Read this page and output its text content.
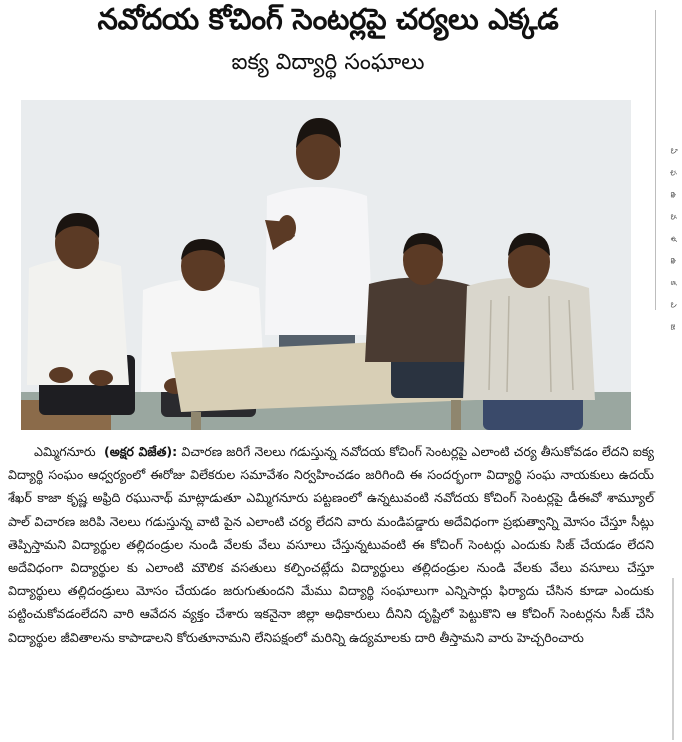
నవోదయ కోచింగ్ సెంటర్లపై చర్యలు ఎక్కడ
ఐక్య విద్యార్థి సంఘాలు
ఏ
ఫ
ఉ
వ
ళ
ఉ
క
ఎ
జ

ఎమ్మిగనూరు (అక్షర విజేత): విచారణ జరిగే నెలలు గడుస్తున్న నవోదయ కోచింగ్ సెంటర్లపై ఎలాంటి చర్య తీసుకోవడం లేదని ఐక్య విద్యార్థి సంఘం ఆధ్వర్యంలో ఈరోజు విలేకరుల సమావేశం నిర్వహించడం జరిగింది ఈ సందర్భంగా విద్యార్థి సంఘ నాయకులు ఉదయ్ శేఖర్ కాజా కృష్ణ అఫ్రిది రఘునాథ్ మాట్లాడుతూ ఎమ్మిగనూరు పట్టణంలో ఉన్నటువంటి నవోదయ కోచింగ్ సెంటర్లపై డీఈవో శామ్యూల్ పాల్ విచారణ జరిపి నెలలు గడుస్తున్న వాటి పైన ఎలాంటి చర్య లేదని వారు మండిపడ్డారు అదేవిధంగా ప్రభుత్వాన్ని మోసం చేస్తూ సీట్లు తెప్పిస్తామని విద్యార్థుల తల్లిదండ్రుల నుండి వేలకు వేలు వసూలు చేస్తున్నటువంటి ఈ కోచింగ్ సెంటర్లు ఎందుకు సిజ్ చేయడం లేదని అదేవిధంగా విద్యార్థుల కు ఎలాంటి మౌలిక వసతులు కల్పించట్లేదు విద్యార్థులు తల్లిదండ్రుల నుండి వేలకు వేలు వసూలు చేస్తూ విద్యార్థులు తల్లిదండ్రులు మోసం చేయడం జరుగుతుందని మేము విద్యార్థి సంఘాలుగా ఎన్నిసార్లు ఫిర్యాదు చేసిన కూడా ఎందుకు పట్టించుకోవడంలేదని వారి ఆవేదన వ్యక్తం చేశారు ఇకనైనా జిల్లా అధికారులు దీనిని దృష్టిలో పెట్టుకొని ఆ కోచింగ్ సెంటర్లను సీజ్ చేసి విద్యార్థుల జీవితాలను కాపాడాలని కోరుతూనామని లేనిపక్షంలో మరిన్ని ఉద్యమాలకు దారి తీస్తామని వారు హెచ్చరించారు
